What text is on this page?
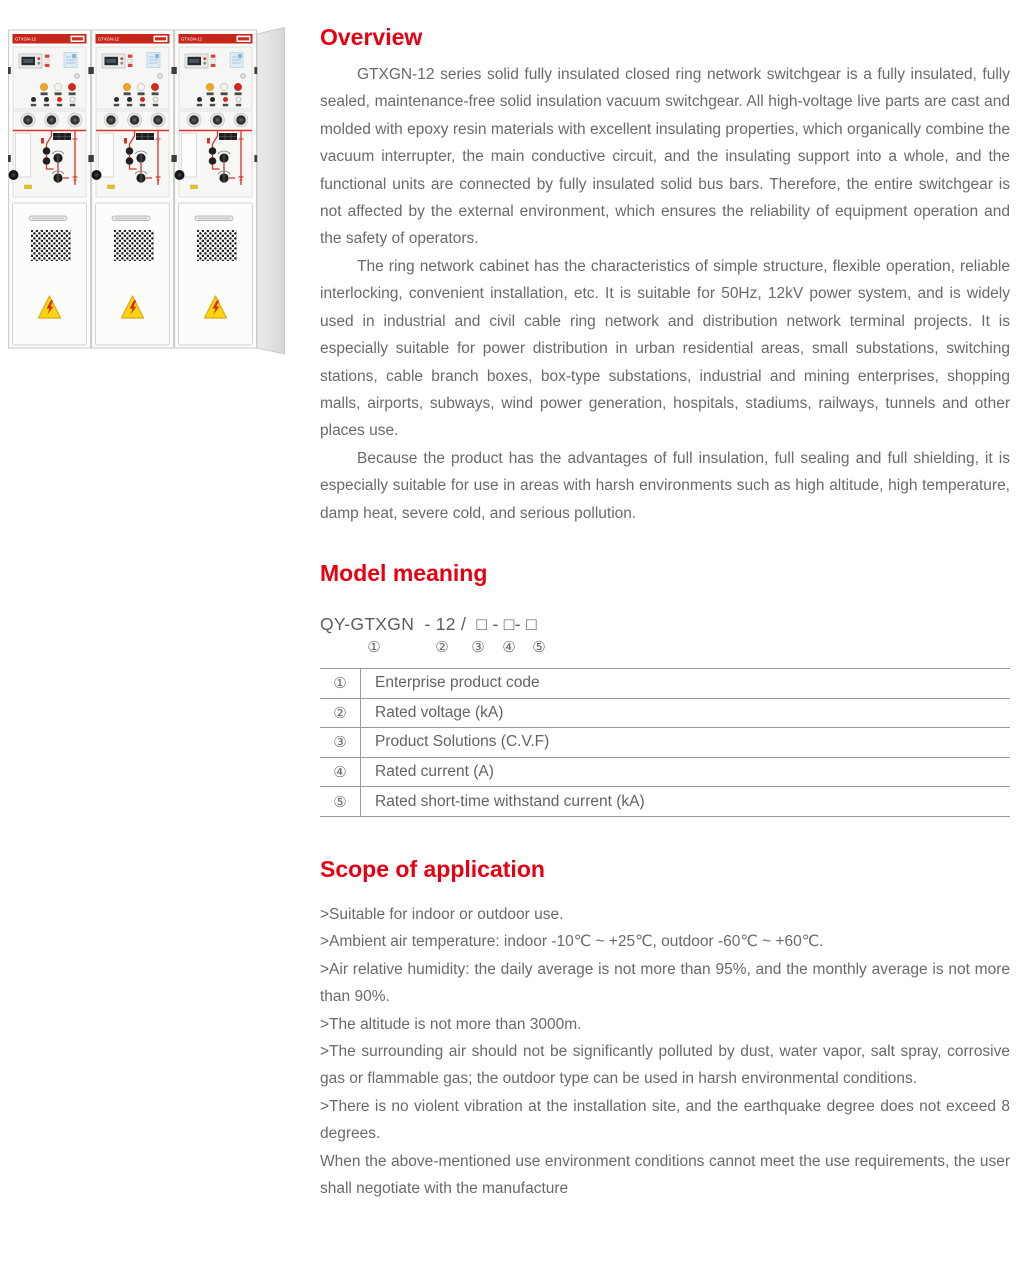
Overview

GTXGN-12 series solid fully insulated closed ring network switchgear is a fully insulated, fully sealed, maintenance-free solid insulation vacuum switchgear. All high-voltage live parts are cast and molded with epoxy resin materials with excellent insulating properties, which organically combine the vacuum interrupter, the main conductive circuit, and the insulating support into a whole, and the functional units are connected by fully insulated solid bus bars. Therefore, the entire switchgear is not affected by the external environment, which ensures the reliability of equipment operation and the safety of operators.

The ring network cabinet has the characteristics of simple structure, flexible operation, reliable interlocking, convenient installation, etc. It is suitable for 50Hz, 12kV power system, and is widely used in industrial and civil cable ring network and distribution network terminal projects. It is especially suitable for power distribution in urban residential areas, small substations, switching stations, cable branch boxes, box-type substations, industrial and mining enterprises, shopping malls, airports, subways, wind power generation, hospitals, stadiums, railways, tunnels and other places use.

Because the product has the advantages of full insulation, full sealing and full shielding, it is especially suitable for use in areas with harsh environments such as high altitude, high temperature, damp heat, severe cold, and serious pollution.

Model meaning
QY-GTXGN  - 12 /  □ - □- □
①	② ③ ④ ⑤
①	Enterprise product code
②	Rated voltage (kA)
③	Product Solutions (C.V.F)
④	Rated current (A)
⑤	Rated short-time withstand current (kA)
Scope of application
>Suitable for indoor or outdoor use.
>Ambient air temperature: indoor -10℃ ~ +25℃, outdoor -60℃ ~ +60℃.
>Air relative humidity: the daily average is not more than 95%, and the monthly average is not more than 90%.
>The altitude is not more than 3000m.
>The surrounding air should not be significantly polluted by dust, water vapor, salt spray, corrosive gas or flammable gas; the outdoor type can be used in harsh environmental conditions.
>There is no violent vibration at the installation site, and the earthquake degree does not exceed 8 degrees.
When the above-mentioned use environment conditions cannot meet the use requirements, the user shall negotiate with the manufacture
